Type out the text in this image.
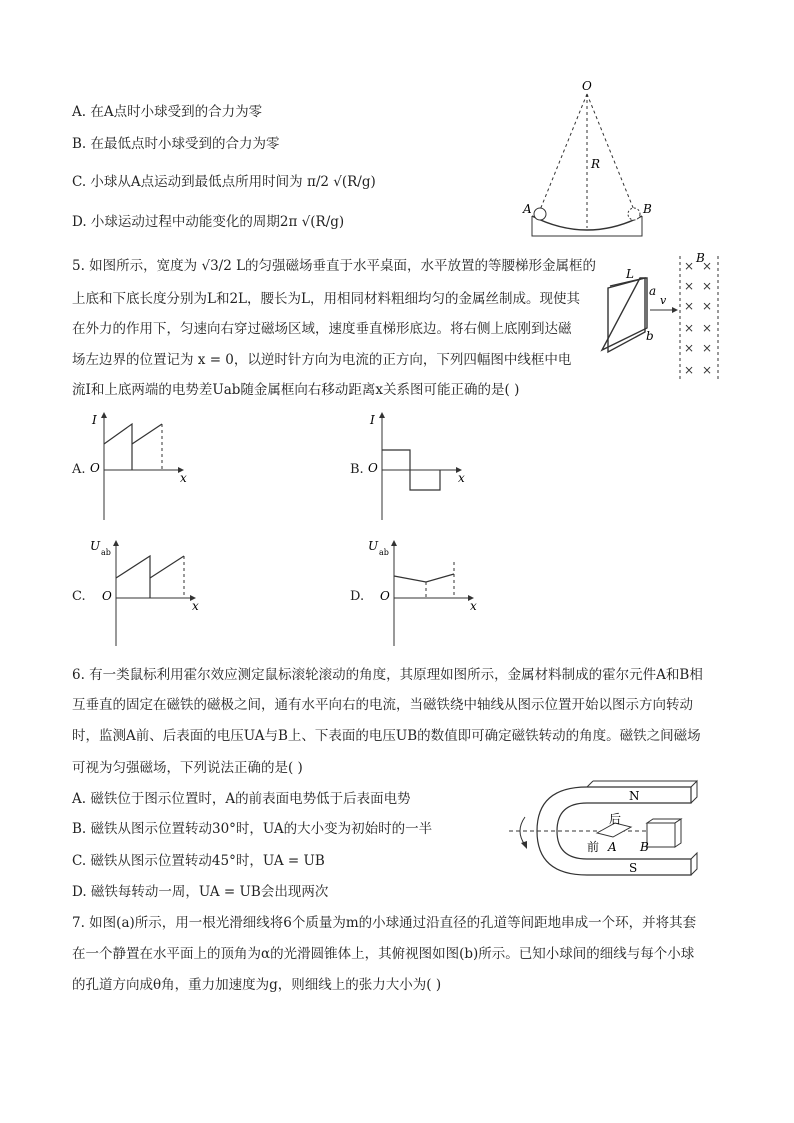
A. 在A点时小球受到的合力为零
B. 在最低点时小球受到的合力为零
C. 小球从A点运动到最低点所用时间为 π/2 √(R/g)
D. 小球运动过程中动能变化的周期2π √(R/g)
O
R
A	B
5. 如图所示，宽度为 √3/2 L的匀强磁场垂直于水平桌面，水平放置的等腰梯形金属框的
上底和下底长度分别为L和2L，腰长为L，用相同材料粗细均匀的金属丝制成。现使其
在外力的作用下，匀速向右穿过磁场区域，速度垂直梯形底边。将右侧上底刚到达磁
场左边界的位置记为 x = 0，以逆时针方向为电流的正方向，下列四幅图中线框中电
流I和上底两端的电势差Uab随金属框向右移动距离x关系图可能正确的是( )
L
a
b
v
B
× ×
× ×
× ×
× ×
× ×
× ×
A.
I
O
x
B.
I
O
x
C.
U ab
O
x
D.
U ab
O
x
6. 有一类鼠标利用霍尔效应测定鼠标滚轮滚动的角度，其原理如图所示，金属材料制成的霍尔元件A和B相
互垂直的固定在磁铁的磁极之间，通有水平向右的电流，当磁铁绕中轴线从图示位置开始以图示方向转动
时，监测A前、后表面的电压UA与B上、下表面的电压UB的数值即可确定磁铁转动的角度。磁铁之间磁场
可视为匀强磁场，下列说法正确的是( )
A. 磁铁位于图示位置时，A的前表面电势低于后表面电势
B. 磁铁从图示位置转动30°时，UA的大小变为初始时的一半
C. 磁铁从图示位置转动45°时，UA = UB
D. 磁铁每转动一周，UA = UB会出现两次
N
S
后
前 A B
7. 如图(a)所示，用一根光滑细线将6个质量为m的小球通过沿直径的孔道等间距地串成一个环，并将其套
在一个静置在水平面上的顶角为α的光滑圆锥体上，其俯视图如图(b)所示。已知小球间的细线与每个小球
的孔道方向成θ角，重力加速度为g，则细线上的张力大小为( )
